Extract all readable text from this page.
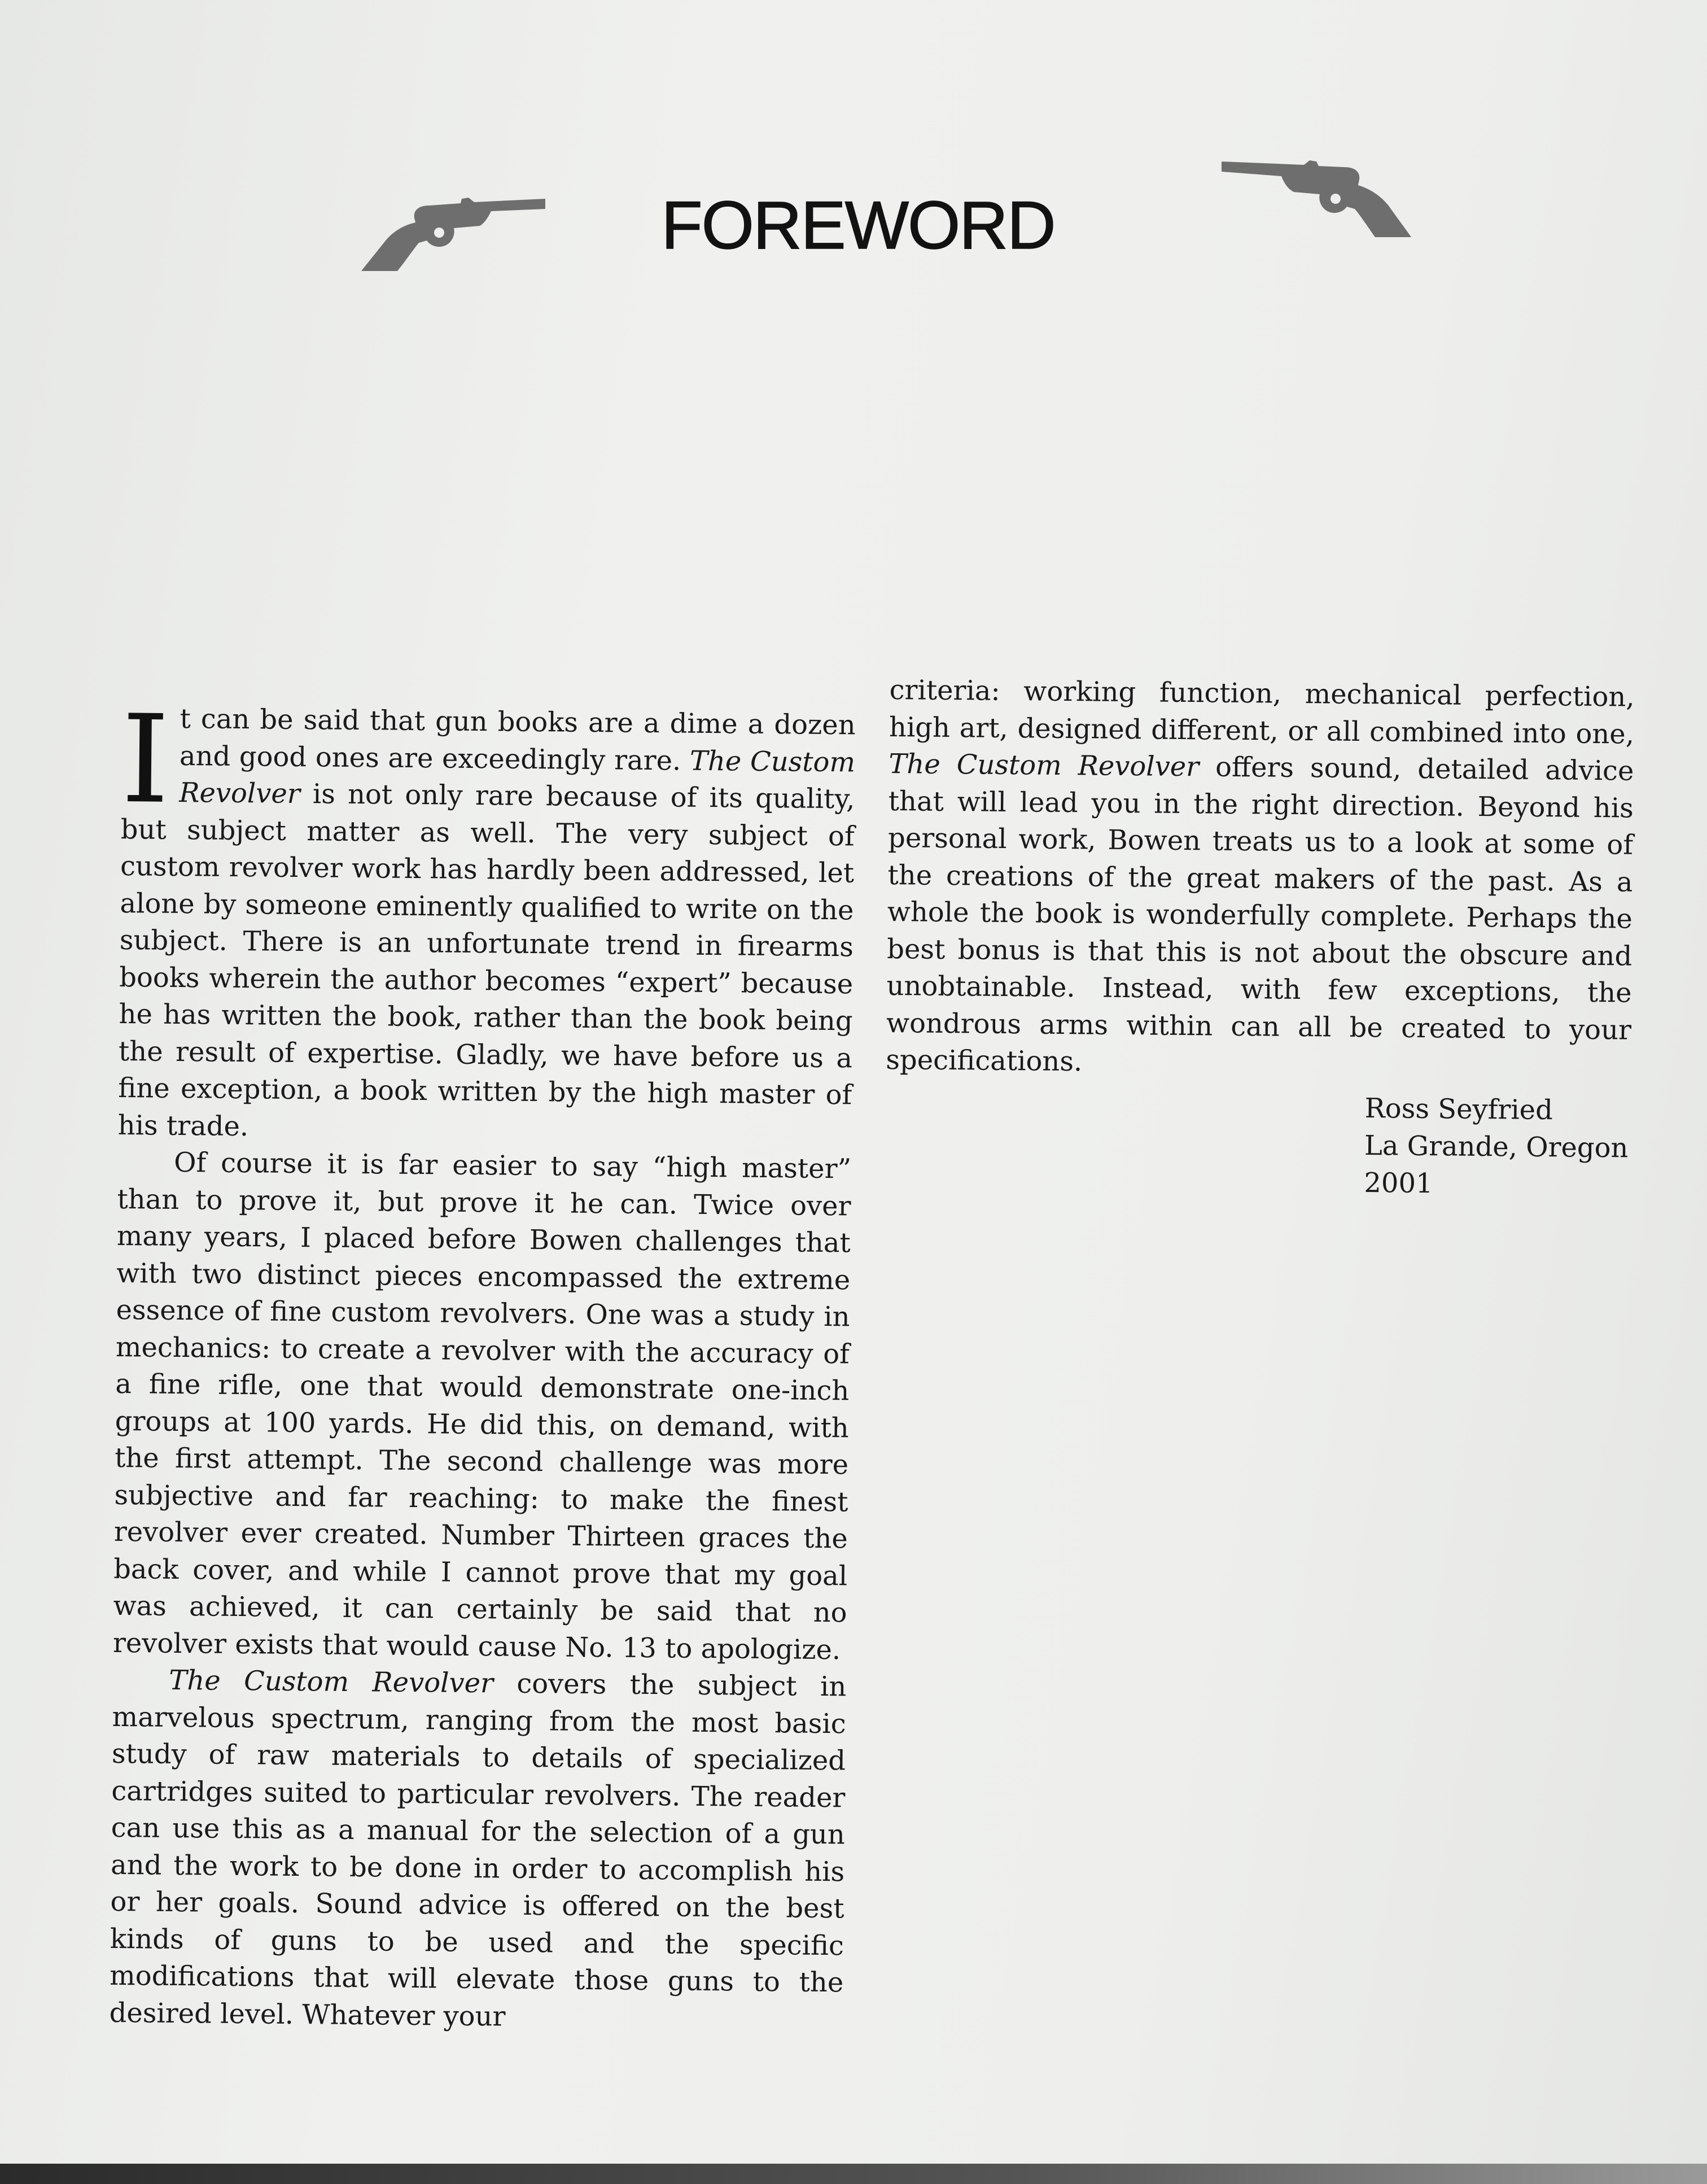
FOREWORD

It can be said that gun books are a dime a dozen and good ones are exceedingly rare. The Custom Revolver is not only rare because of its quality, but subject matter as well. The very subject of custom revolver work has hardly been addressed, let alone by someone eminently qualified to write on the subject. There is an unfortunate trend in firearms books wherein the author becomes “expert” because he has written the book, rather than the book being the result of expertise. Gladly, we have before us a fine exception, a book written by the high master of his trade.

Of course it is far easier to say “high master” than to prove it, but prove it he can. Twice over many years, I placed before Bowen challenges that with two distinct pieces encompassed the extreme essence of fine custom revolvers. One was a study in mechanics: to create a revolver with the accuracy of a fine rifle, one that would demonstrate one-inch groups at 100 yards. He did this, on demand, with the first attempt. The second challenge was more subjective and far reaching: to make the finest revolver ever created. Number Thirteen graces the back cover, and while I cannot prove that my goal was achieved, it can certainly be said that no revolver exists that would cause No. 13 to apologize.

The Custom Revolver covers the subject in marvelous spectrum, ranging from the most basic study of raw materials to details of specialized cartridges suited to particular revolvers. The reader can use this as a manual for the selection of a gun and the work to be done in order to accomplish his or her goals. Sound advice is offered on the best kinds of guns to be used and the specific modifications that will elevate those guns to the desired level. Whatever your

criteria: working function, mechanical perfection, high art, designed different, or all combined into one, The Custom Revolver offers sound, detailed advice that will lead you in the right direction. Beyond his personal work, Bowen treats us to a look at some of the creations of the great makers of the past. As a whole the book is wonderfully complete. Perhaps the best bonus is that this is not about the obscure and unobtainable. Instead, with few exceptions, the wondrous arms within can all be created to your specifications.

Ross Seyfried
La Grande, Oregon
2001
